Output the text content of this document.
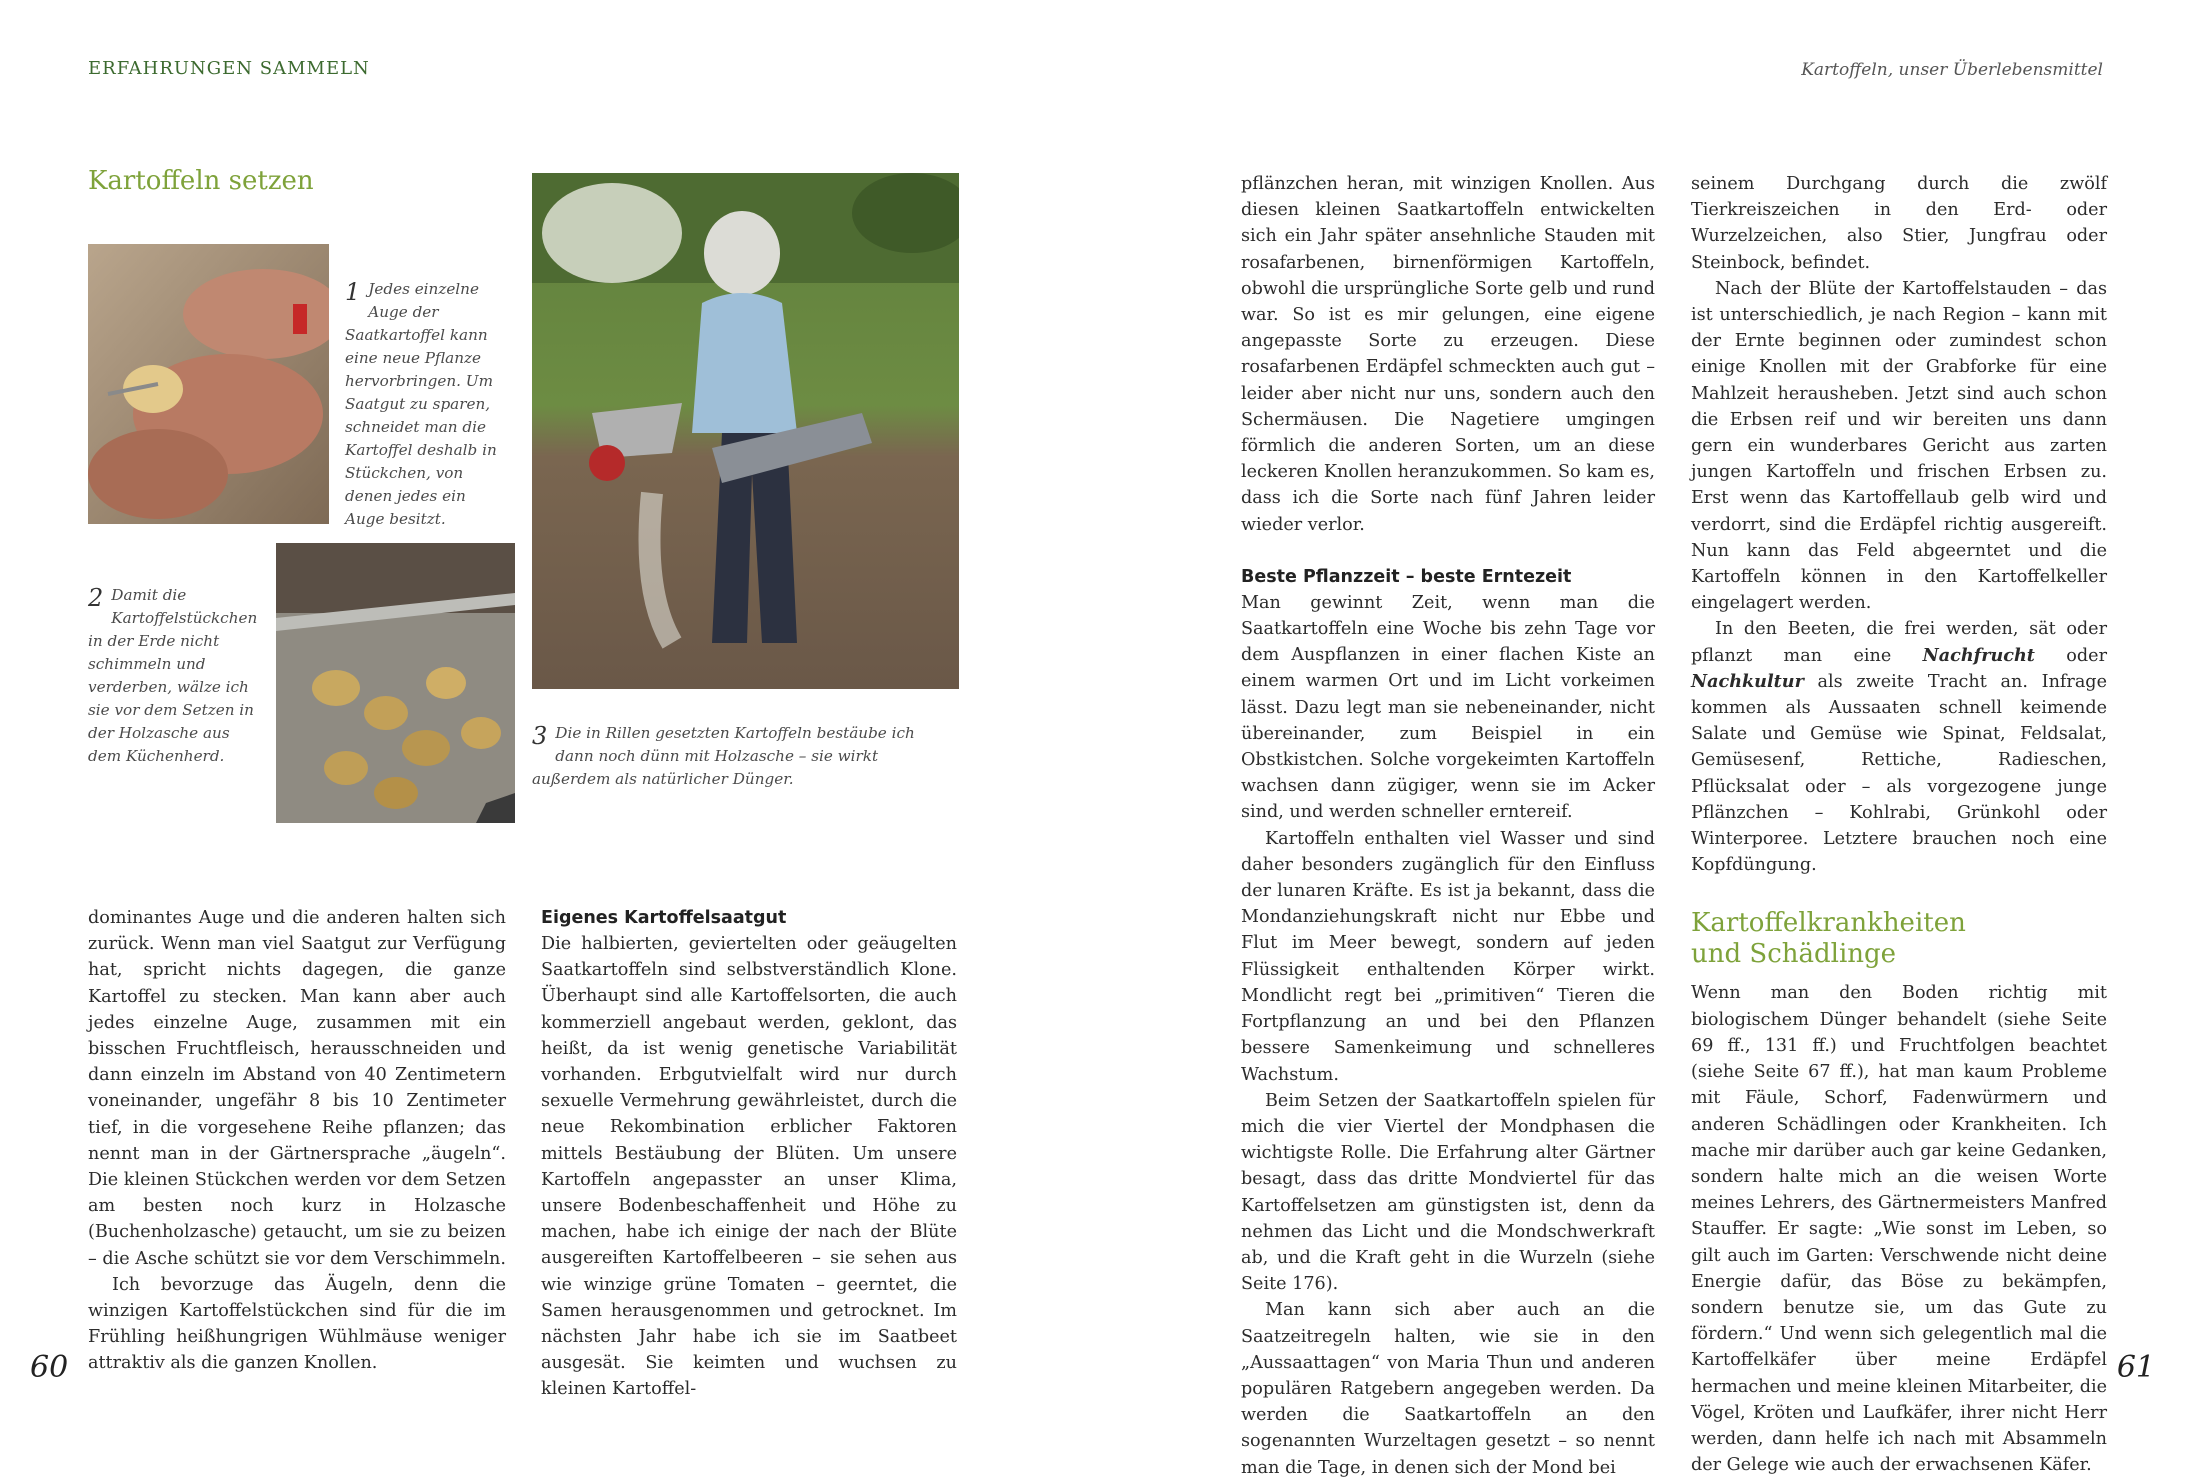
ERFAHRUNGEN SAMMELN	Kartoffeln, unser Überlebensmittel
Kartoffeln setzen
1 Jedes einzelne Auge der Saatkartoffel kann eine neue Pflanze hervorbringen. Um Saatgut zu sparen, schneidet man die Kartoffel deshalb in Stückchen, von denen jedes ein Auge besitzt.
2 Damit die Kartoffelstückchen in der Erde nicht schimmeln und verderben, wälze ich sie vor dem Setzen in der Holzasche aus dem Küchenherd.
3 Die in Rillen gesetzten Kartoffeln bestäube ich dann noch dünn mit Holzasche – sie wirkt außerdem als natürlicher Dünger.

dominantes Auge und die anderen halten sich zurück. Wenn man viel Saatgut zur Verfügung hat, spricht nichts dagegen, die ganze Kartoffel zu stecken. Man kann aber auch jedes einzelne Auge, zusammen mit ein bisschen Fruchtfleisch, herausschneiden und dann einzeln im Abstand von 40 Zentimetern voneinander, ungefähr 8 bis 10 Zentimeter tief, in die vorgesehene Reihe pflanzen; das nennt man in der Gärtnersprache „äugeln“. Die kleinen Stückchen werden vor dem Setzen am besten noch kurz in Holzasche (Buchenholzasche) getaucht, um sie zu beizen – die Asche schützt sie vor dem Verschimmeln.

Ich bevorzuge das Äugeln, denn die winzigen Kartoffelstückchen sind für die im Frühling heißhungrigen Wühlmäuse weniger attraktiv als die ganzen Knollen.

Eigenes Kartoffelsaatgut

Die halbierten, geviertelten oder geäugelten Saatkartoffeln sind selbstverständlich Klone. Überhaupt sind alle Kartoffelsorten, die auch kommerziell angebaut werden, geklont, das heißt, da ist wenig genetische Variabilität vorhanden. Erbgutvielfalt wird nur durch sexuelle Vermehrung gewährleistet, durch die neue Rekombination erblicher Faktoren mittels Bestäubung der Blüten. Um unsere Kartoffeln angepasster an unser Klima, unsere Bodenbeschaffenheit und Höhe zu machen, habe ich einige der nach der Blüte ausgereiften Kartoffelbeeren – sie sehen aus wie winzige grüne Tomaten – geerntet, die Samen herausgenommen und getrocknet. Im nächsten Jahr habe ich sie im Saatbeet ausgesät. Sie keimten und wuchsen zu kleinen Kartoffel-

60

pflänzchen heran, mit winzigen Knollen. Aus diesen kleinen Saatkartoffeln entwickelten sich ein Jahr später ansehnliche Stauden mit rosafarbenen, birnenförmigen Kartoffeln, obwohl die ursprüngliche Sorte gelb und rund war. So ist es mir gelungen, eine eigene angepasste Sorte zu erzeugen. Diese rosafarbenen Erdäpfel schmeckten auch gut – leider aber nicht nur uns, sondern auch den Schermäusen. Die Nagetiere umgingen förmlich die anderen Sorten, um an diese leckeren Knollen heranzukommen. So kam es, dass ich die Sorte nach fünf Jahren leider wieder verlor.

Beste Pflanzzeit – beste Erntezeit

Man gewinnt Zeit, wenn man die Saatkartoffeln eine Woche bis zehn Tage vor dem Auspflanzen in einer flachen Kiste an einem warmen Ort und im Licht vorkeimen lässt. Dazu legt man sie nebeneinander, nicht übereinander, zum Beispiel in ein Obstkistchen. Solche vorgekeimten Kartoffeln wachsen dann zügiger, wenn sie im Acker sind, und werden schneller erntereif.

Kartoffeln enthalten viel Wasser und sind daher besonders zugänglich für den Einfluss der lunaren Kräfte. Es ist ja bekannt, dass die Mondanziehungskraft nicht nur Ebbe und Flut im Meer bewegt, sondern auf jeden Flüssigkeit enthaltenden Körper wirkt. Mondlicht regt bei „primitiven“ Tieren die Fortpflanzung an und bei den Pflanzen bessere Samenkeimung und schnelleres Wachstum.

Beim Setzen der Saatkartoffeln spielen für mich die vier Viertel der Mondphasen die wichtigste Rolle. Die Erfahrung alter Gärtner besagt, dass das dritte Mondviertel für das Kartoffelsetzen am günstigsten ist, denn da nehmen das Licht und die Mondschwerkraft ab, und die Kraft geht in die Wurzeln (siehe Seite 176).

Man kann sich aber auch an die Saatzeitregeln halten, wie sie in den „Aussaattagen“ von Maria Thun und anderen populären Ratgebern angegeben werden. Da werden die Saatkartoffeln an den sogenannten Wurzeltagen gesetzt – so nennt man die Tage, in denen sich der Mond bei

seinem Durchgang durch die zwölf Tierkreiszeichen in den Erd- oder Wurzelzeichen, also Stier, Jungfrau oder Steinbock, befindet.

Nach der Blüte der Kartoffelstauden – das ist unterschiedlich, je nach Region – kann mit der Ernte beginnen oder zumindest schon einige Knollen mit der Grabforke für eine Mahlzeit herausheben. Jetzt sind auch schon die Erbsen reif und wir bereiten uns dann gern ein wunderbares Gericht aus zarten jungen Kartoffeln und frischen Erbsen zu. Erst wenn das Kartoffellaub gelb wird und verdorrt, sind die Erdäpfel richtig ausgereift. Nun kann das Feld abgeerntet und die Kartoffeln können in den Kartoffelkeller eingelagert werden.

In den Beeten, die frei werden, sät oder pflanzt man eine Nachfrucht oder Nachkultur als zweite Tracht an. Infrage kommen als Aussaaten schnell keimende Salate und Gemüse wie Spinat, Feldsalat, Gemüsesenf, Rettiche, Radieschen, Pflücksalat oder – als vorgezogene junge Pflänzchen – Kohlrabi, Grünkohl oder Winterporee. Letztere brauchen noch eine Kopfdüngung.

Kartoffelkrankheiten
und Schädlinge

Wenn man den Boden richtig mit biologischem Dünger behandelt (siehe Seite 69 ff., 131 ff.) und Fruchtfolgen beachtet (siehe Seite 67 ff.), hat man kaum Probleme mit Fäule, Schorf, Fadenwürmern und anderen Schädlingen oder Krankheiten. Ich mache mir darüber auch gar keine Gedanken, sondern halte mich an die weisen Worte meines Lehrers, des Gärtnermeisters Manfred Stauffer. Er sagte: „Wie sonst im Leben, so gilt auch im Garten: Verschwende nicht deine Energie dafür, das Böse zu bekämpfen, sondern benutze sie, um das Gute zu fördern.“ Und wenn sich gelegentlich mal die Kartoffelkäfer über meine Erdäpfel hermachen und meine kleinen Mitarbeiter, die Vögel, Kröten und Laufkäfer, ihrer nicht Herr werden, dann helfe ich nach mit Absammeln der Gelege wie auch der erwachsenen Käfer.

61
